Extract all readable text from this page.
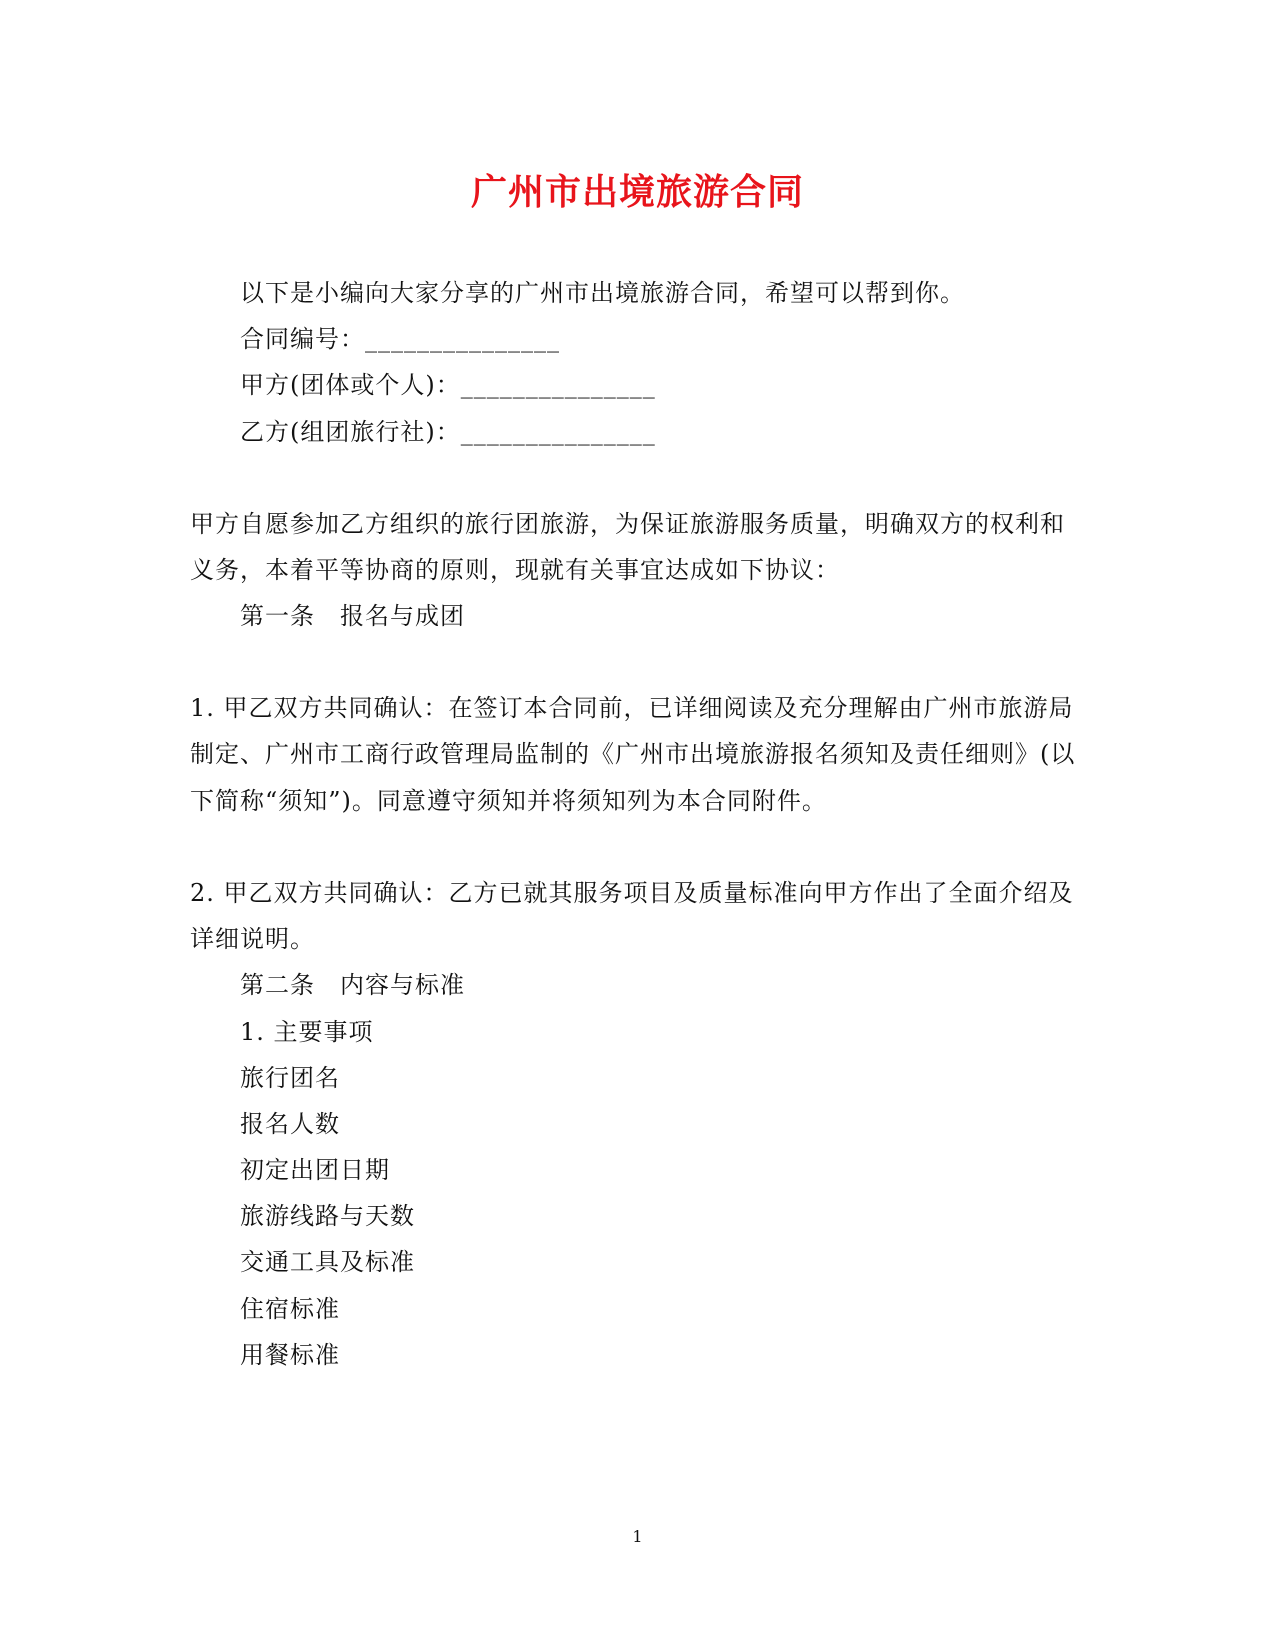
广州市出境旅游合同
以下是小编向大家分享的广州市出境旅游合同，希望可以帮到你。
合同编号：_______________
甲方(团体或个人)：_______________
乙方(组团旅行社)：_______________
甲方自愿参加乙方组织的旅行团旅游，为保证旅游服务质量，明确双方的权利和
义务，本着平等协商的原则，现就有关事宜达成如下协议：
第一条　报名与成团
1. 甲乙双方共同确认：在签订本合同前，已详细阅读及充分理解由广州市旅游局
制定、广州市工商行政管理局监制的《广州市出境旅游报名须知及责任细则》(以
下简称“须知”)。同意遵守须知并将须知列为本合同附件。
2. 甲乙双方共同确认：乙方已就其服务项目及质量标准向甲方作出了全面介绍及
详细说明。
第二条　内容与标准
1. 主要事项
旅行团名
报名人数
初定出团日期
旅游线路与天数
交通工具及标准
住宿标准
用餐标准
1
